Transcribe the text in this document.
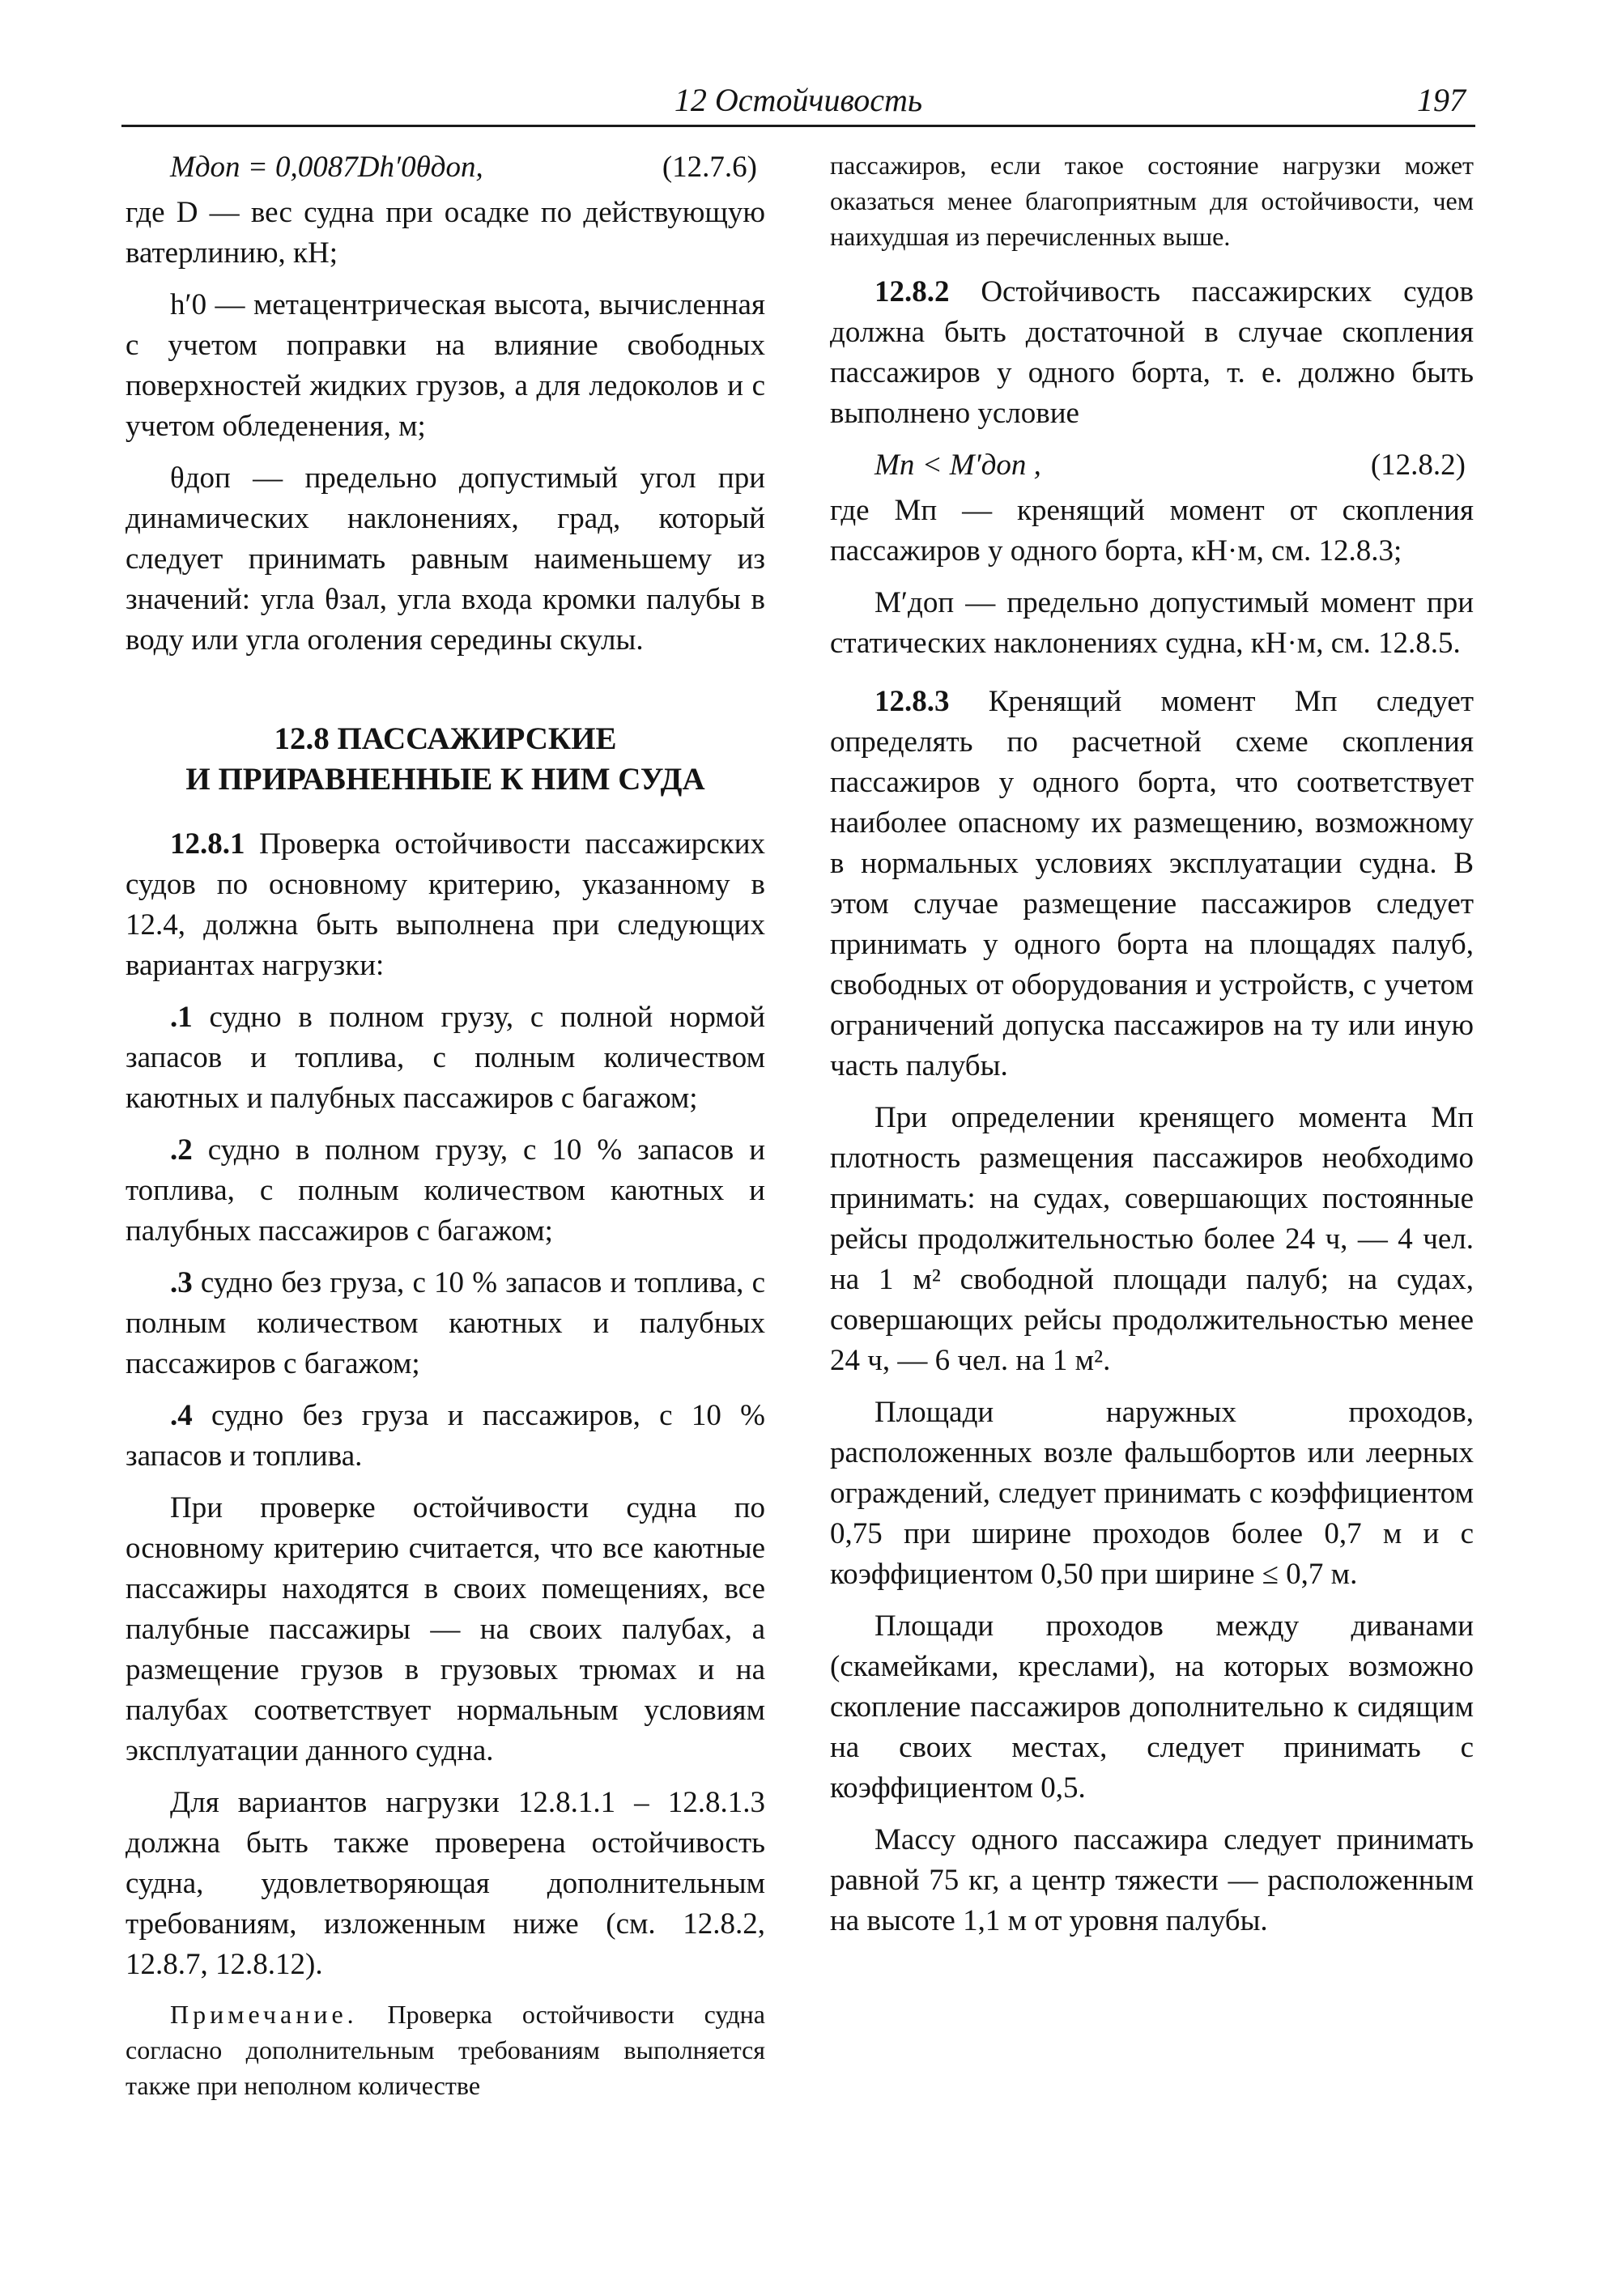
12 Остойчивость	197
Mдоп = 0,0087Dh′0θдоп,	(12.7.6)

где D — вес судна при осадке по действующую ватерлинию, кН;

h′0 — метацентрическая высота, вычисленная с учетом поправки на влияние свободных поверхностей жидких грузов, а для ледоколов и с учетом обледенения, м;

θдоп — предельно допустимый угол при динамических наклонениях, град, который следует принимать равным наименьшему из значений: угла θзал, угла входа кромки палубы в воду или угла оголения середины скулы.

12.8 ПАССАЖИРСКИЕ
И ПРИРАВНЕННЫЕ К НИМ СУДА

12.8.1 Проверка остойчивости пассажирских судов по основному критерию, указанному в 12.4, должна быть выполнена при следующих вариантах нагрузки:

.1 судно в полном грузу, с полной нормой запасов и топлива, с полным количеством каютных и палубных пассажиров с багажом;

.2 судно в полном грузу, с 10 % запасов и топлива, с полным количеством каютных и палубных пассажиров с багажом;

.3 судно без груза, с 10 % запасов и топлива, с полным количеством каютных и палубных пассажиров с багажом;

.4 судно без груза и пассажиров, с 10 % запасов и топлива.

При проверке остойчивости судна по основному критерию считается, что все каютные пассажиры находятся в своих помещениях, все палубные пассажиры — на своих палубах, а размещение грузов в грузовых трюмах и на палубах соответствует нормальным условиям эксплуатации данного судна.

Для вариантов нагрузки 12.8.1.1 – 12.8.1.3 должна быть также проверена остойчивость судна, удовлетворяющая дополнительным требованиям, изложенным ниже (см. 12.8.2, 12.8.7, 12.8.12).

Примечание. Проверка остойчивости судна согласно дополнительным требованиям выполняется также при неполном количестве

пассажиров, если такое состояние нагрузки может оказаться менее благоприятным для остойчивости, чем наихудшая из перечисленных выше.

12.8.2 Остойчивость пассажирских судов должна быть достаточной в случае скопления пассажиров у одного борта, т. е. должно быть выполнено условие

Mп < M′доп ,	(12.8.2)

где Mп — кренящий момент от скопления пассажиров у одного борта, кН·м, см. 12.8.3;

M′доп — предельно допустимый момент при статических наклонениях судна, кН·м, см. 12.8.5.

12.8.3 Кренящий момент Mп следует определять по расчетной схеме скопления пассажиров у одного борта, что соответствует наиболее опасному их размещению, возможному в нормальных условиях эксплуатации судна. В этом случае размещение пассажиров следует принимать у одного борта на площадях палуб, свободных от оборудования и устройств, с учетом ограничений допуска пассажиров на ту или иную часть палубы.

При определении кренящего момента Mп плотность размещения пассажиров необходимо принимать: на судах, совершающих постоянные рейсы продолжительностью более 24 ч, — 4 чел. на 1 м² свободной площади палуб; на судах, совершающих рейсы продолжительностью менее 24 ч, — 6 чел. на 1 м².

Площади наружных проходов, расположенных возле фальшбортов или леерных ограждений, следует принимать с коэффициентом 0,75 при ширине проходов более 0,7 м и с коэффициентом 0,50 при ширине ≤ 0,7 м.

Площади проходов между диванами (скамейками, креслами), на которых возможно скопление пассажиров дополнительно к сидящим на своих местах, следует принимать с коэффициентом 0,5.

Массу одного пассажира следует принимать равной 75 кг, а центр тяжести — расположенным на высоте 1,1 м от уровня палубы.
